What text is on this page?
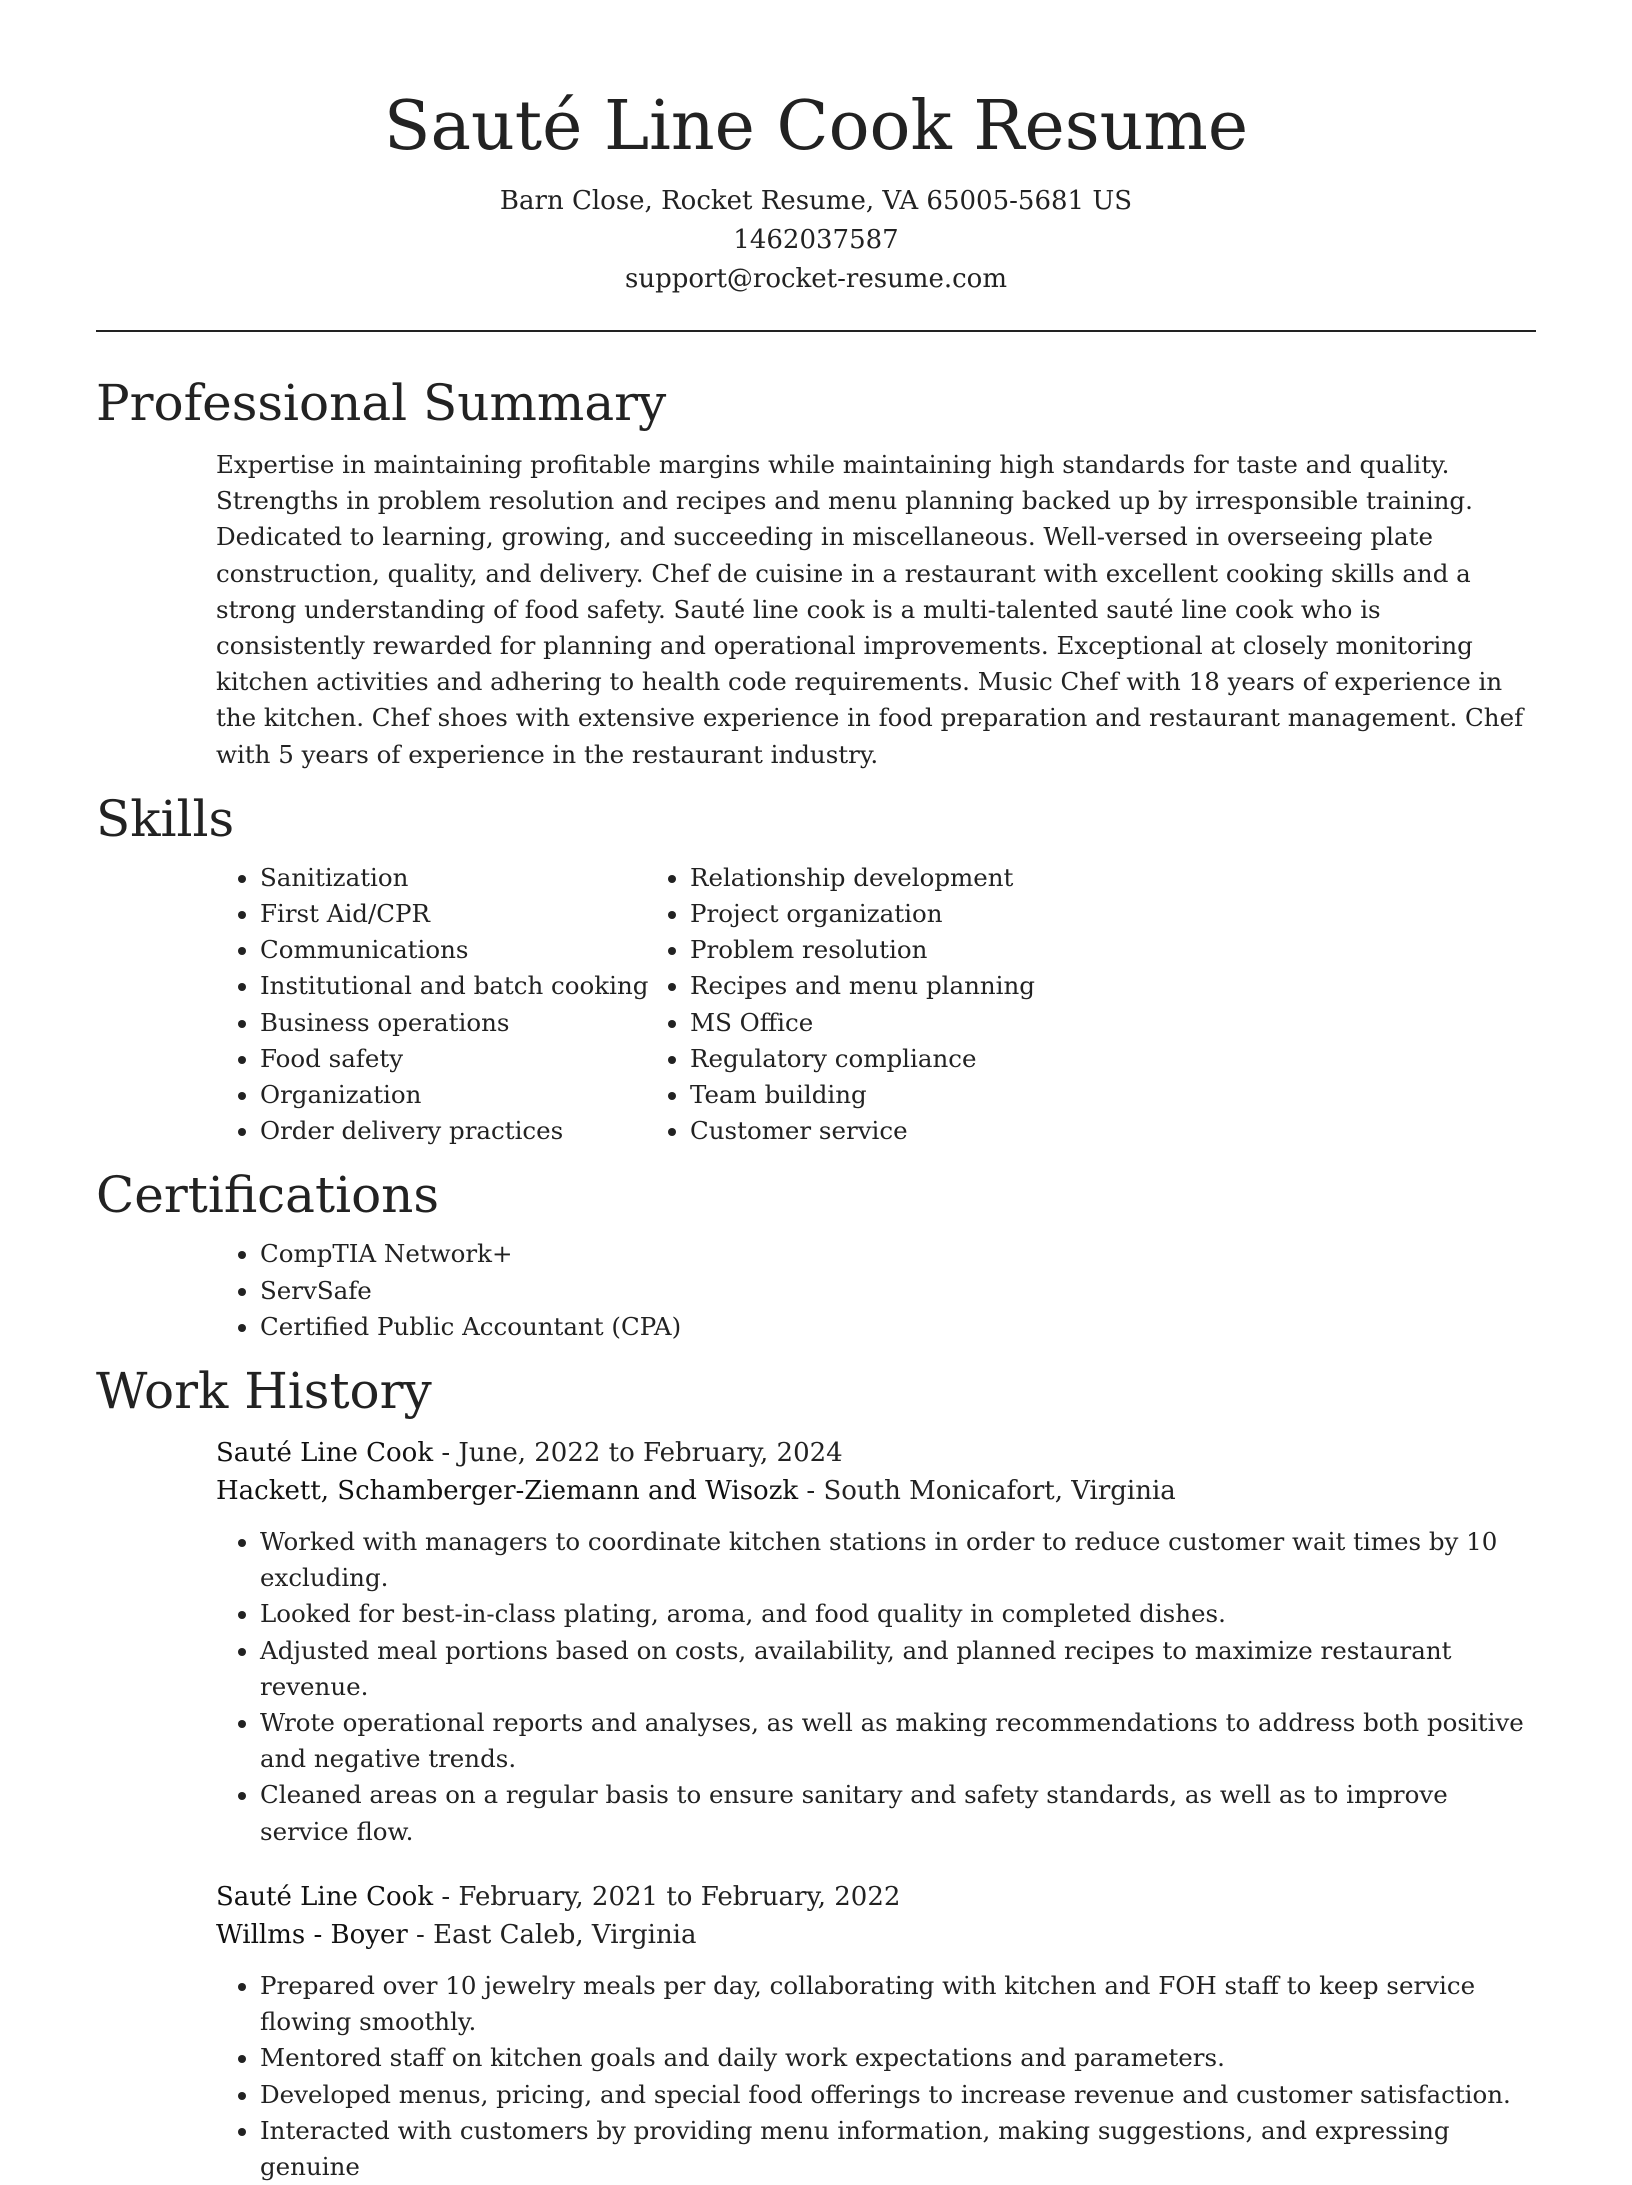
Sauté Line Cook Resume
Barn Close, Rocket Resume, VA 65005-5681 US
1462037587
support@rocket-resume.com
Professional Summary

Expertise in maintaining profitable margins while maintaining high standards for taste and quality. Strengths in problem resolution and recipes and menu planning backed up by irresponsible training. Dedicated to learning, growing, and succeeding in miscellaneous. Well-versed in overseeing plate construction, quality, and delivery. Chef de cuisine in a restaurant with excellent cooking skills and a strong understanding of food safety. Sauté line cook is a multi-talented sauté line cook who is consistently rewarded for planning and operational improvements. Exceptional at closely monitoring kitchen activities and adhering to health code requirements. Music Chef with 18 years of experience in the kitchen. Chef shoes with extensive experience in food preparation and restaurant management. Chef with 5 years of experience in the restaurant industry.

Skills
• Sanitization
• First Aid/CPR
• Communications
• Institutional and batch cooking
• Business operations
• Food safety
• Organization
• Order delivery practices
• Relationship development
• Project organization
• Problem resolution
• Recipes and menu planning
• MS Office
• Regulatory compliance
• Team building
• Customer service
Certifications
• CompTIA Network+
• ServSafe
• Certified Public Accountant (CPA)
Work History
Sauté Line Cook - June, 2022 to February, 2024
Hackett, Schamberger-Ziemann and Wisozk - South Monicafort, Virginia
• Worked with managers to coordinate kitchen stations in order to reduce customer wait times by 10 excluding.
• Looked for best-in-class plating, aroma, and food quality in completed dishes.
• Adjusted meal portions based on costs, availability, and planned recipes to maximize restaurant revenue.
• Wrote operational reports and analyses, as well as making recommendations to address both positive and negative trends.
• Cleaned areas on a regular basis to ensure sanitary and safety standards, as well as to improve service flow.
Sauté Line Cook - February, 2021 to February, 2022
Willms - Boyer - East Caleb, Virginia
• Prepared over 10 jewelry meals per day, collaborating with kitchen and FOH staff to keep service flowing smoothly.
• Mentored staff on kitchen goals and daily work expectations and parameters.
• Developed menus, pricing, and special food offerings to increase revenue and customer satisfaction.
• Interacted with customers by providing menu information, making suggestions, and expressing genuine
